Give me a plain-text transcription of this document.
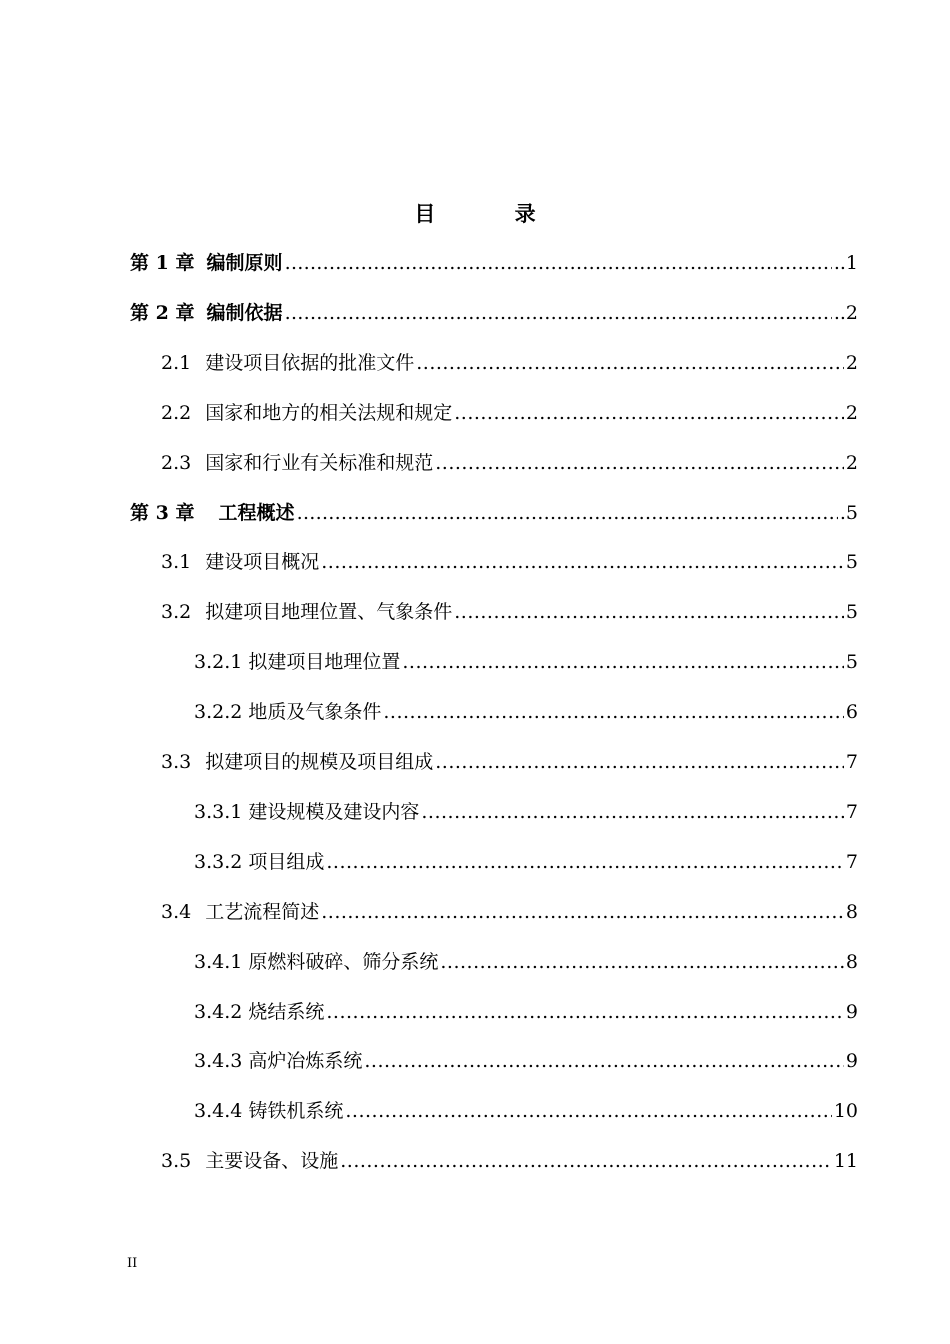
目 录
第 1 章 编制原则 …………………………………………………………………………………………………………………………………………………………………………………	..1
第 2 章 编制依据 …………………………………………………………………………………………………………………………………………………………………………………	..2
2.1 建设项目依据的批准文件 .....	2
2.2 国家和地方的相关法规和规定 .....	2
2.3 国家和行业有关标准和规范 .....	2
第 3 章 工程概述 …………………………………………………………………………………………………………………………………………………………………………………	.5
3.1 建设项目概况 .....	5
3.2 拟建项目地理位置、气象条件 .....	5
3.2.1 拟建项目地理位置 .....	5
3.2.2 地质及气象条件 .....	6
3.3 拟建项目的规模及项目组成 .....	7
3.3.1 建设规模及建设内容 .....	7
3.3.2 项目组成 .....	7
3.4 工艺流程简述 .....	8
3.4.1 原燃料破碎、筛分系统 .....	8
3.4.2 烧结系统 .....	9
3.4.3 高炉冶炼系统 .....	9
3.4.4 铸铁机系统 .....	10
3.5 主要设备、设施 .....	11
II
